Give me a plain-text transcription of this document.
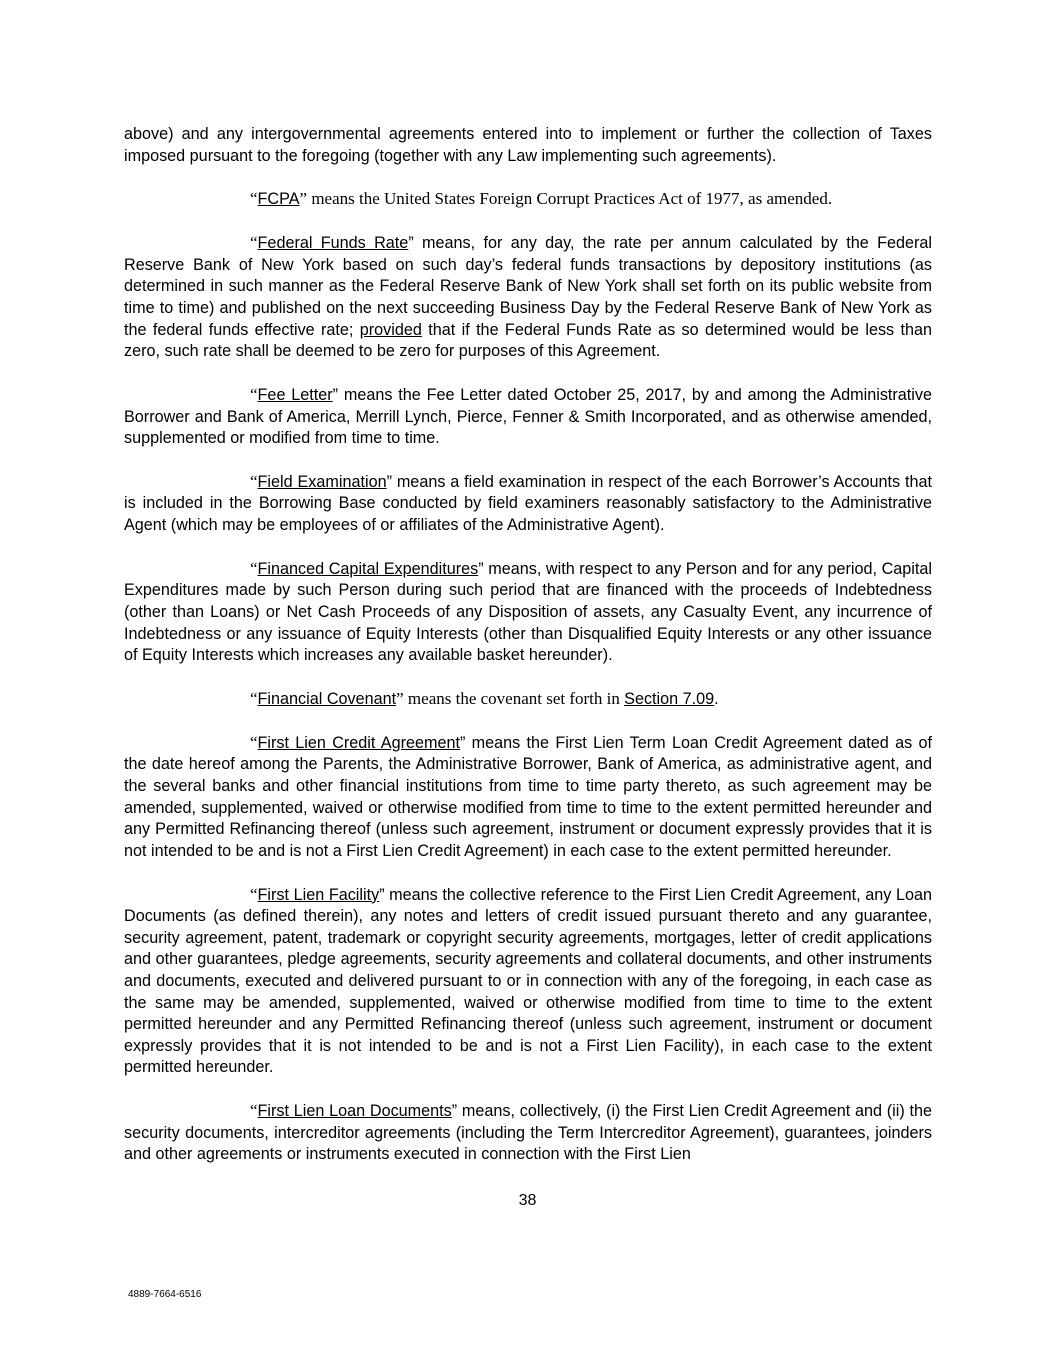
above) and any intergovernmental agreements entered into to implement or further the collection of Taxes imposed pursuant to the foregoing (together with any Law implementing such agreements).

“FCPA” means the United States Foreign Corrupt Practices Act of 1977, as amended.

“Federal Funds Rate” means, for any day, the rate per annum calculated by the Federal Reserve Bank of New York based on such day’s federal funds transactions by depository institutions (as determined in such manner as the Federal Reserve Bank of New York shall set forth on its public website from time to time) and published on the next succeeding Business Day by the Federal Reserve Bank of New York as the federal funds effective rate; provided that if the Federal Funds Rate as so determined would be less than zero, such rate shall be deemed to be zero for purposes of this Agreement.

“Fee Letter” means the Fee Letter dated October 25, 2017, by and among the Administrative Borrower and Bank of America, Merrill Lynch, Pierce, Fenner & Smith Incorporated, and as otherwise amended, supplemented or modified from time to time.

“Field Examination” means a field examination in respect of the each Borrower’s Accounts that is included in the Borrowing Base conducted by field examiners reasonably satisfactory to the Administrative Agent (which may be employees of or affiliates of the Administrative Agent).

“Financed Capital Expenditures” means, with respect to any Person and for any period, Capital Expenditures made by such Person during such period that are financed with the proceeds of Indebtedness (other than Loans) or Net Cash Proceeds of any Disposition of assets, any Casualty Event, any incurrence of Indebtedness or any issuance of Equity Interests (other than Disqualified Equity Interests or any other issuance of Equity Interests which increases any available basket hereunder).

“Financial Covenant” means the covenant set forth in Section 7.09.

“First Lien Credit Agreement” means the First Lien Term Loan Credit Agreement dated as of the date hereof among the Parents, the Administrative Borrower, Bank of America, as administrative agent, and the several banks and other financial institutions from time to time party thereto, as such agreement may be amended, supplemented, waived or otherwise modified from time to time to the extent permitted hereunder and any Permitted Refinancing thereof (unless such agreement, instrument or document expressly provides that it is not intended to be and is not a First Lien Credit Agreement) in each case to the extent permitted hereunder.

“First Lien Facility” means the collective reference to the First Lien Credit Agreement, any Loan Documents (as defined therein), any notes and letters of credit issued pursuant thereto and any guarantee, security agreement, patent, trademark or copyright security agreements, mortgages, letter of credit applications and other guarantees, pledge agreements, security agreements and collateral documents, and other instruments and documents, executed and delivered pursuant to or in connection with any of the foregoing, in each case as the same may be amended, supplemented, waived or otherwise modified from time to time to the extent permitted hereunder and any Permitted Refinancing thereof (unless such agreement, instrument or document expressly provides that it is not intended to be and is not a First Lien Facility), in each case to the extent permitted hereunder.

“First Lien Loan Documents” means, collectively, (i) the First Lien Credit Agreement and (ii) the security documents, intercreditor agreements (including the Term Intercreditor Agreement), guarantees, joinders and other agreements or instruments executed in connection with the First Lien

38
4889-7664-6516
